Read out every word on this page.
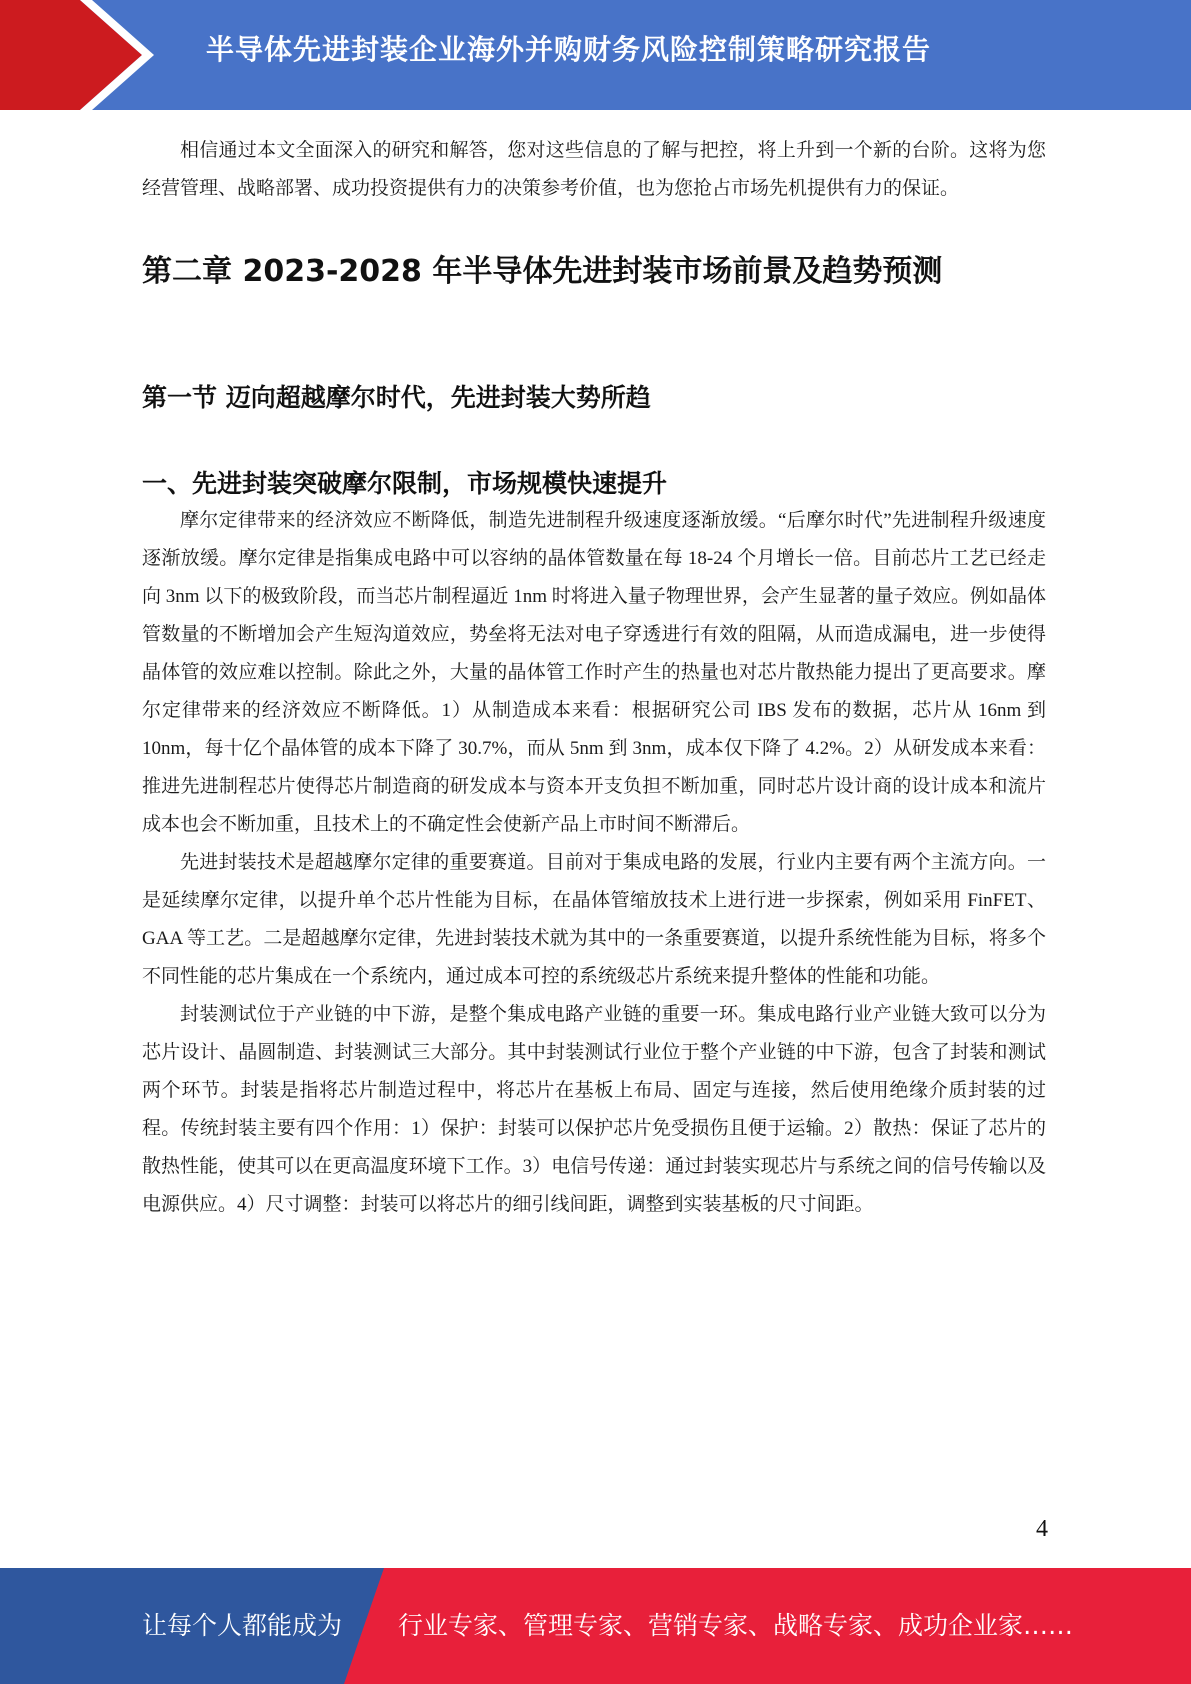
半导体先进封装企业海外并购财务风险控制策略研究报告

相信通过本文全面深入的研究和解答，您对这些信息的了解与把控，将上升到一个新的台阶。这将为您经营管理、战略部署、成功投资提供有力的决策参考价值，也为您抢占市场先机提供有力的保证。

第二章 2023-2028 年半导体先进封装市场前景及趋势预测
第一节 迈向超越摩尔时代，先进封装大势所趋
一、先进封装突破摩尔限制，市场规模快速提升

摩尔定律带来的经济效应不断降低，制造先进制程升级速度逐渐放缓。“后摩尔时代”先进制程升级速度逐渐放缓。摩尔定律是指集成电路中可以容纳的晶体管数量在每 18-24 个月增长一倍。目前芯片工艺已经走向 3nm 以下的极致阶段，而当芯片制程逼近 1nm 时将进入量子物理世界，会产生显著的量子效应。例如晶体管数量的不断增加会产生短沟道效应，势垒将无法对电子穿透进行有效的阻隔，从而造成漏电，进一步使得晶体管的效应难以控制。除此之外，大量的晶体管工作时产生的热量也对芯片散热能力提出了更高要求。摩尔定律带来的经济效应不断降低。1）从制造成本来看：根据研究公司 IBS 发布的数据，芯片从 16nm 到 10nm，每十亿个晶体管的成本下降了 30.7%，而从 5nm 到 3nm，成本仅下降了 4.2%。2）从研发成本来看：推进先进制程芯片使得芯片制造商的研发成本与资本开支负担不断加重，同时芯片设计商的设计成本和流片成本也会不断加重，且技术上的不确定性会使新产品上市时间不断滞后。

先进封装技术是超越摩尔定律的重要赛道。目前对于集成电路的发展，行业内主要有两个主流方向。一是延续摩尔定律，以提升单个芯片性能为目标，在晶体管缩放技术上进行进一步探索，例如采用 FinFET、GAA 等工艺。二是超越摩尔定律，先进封装技术就为其中的一条重要赛道，以提升系统性能为目标，将多个不同性能的芯片集成在一个系统内，通过成本可控的系统级芯片系统来提升整体的性能和功能。

封装测试位于产业链的中下游，是整个集成电路产业链的重要一环。集成电路行业产业链大致可以分为芯片设计、晶圆制造、封装测试三大部分。其中封装测试行业位于整个产业链的中下游，包含了封装和测试两个环节。封装是指将芯片制造过程中，将芯片在基板上布局、固定与连接，然后使用绝缘介质封装的过程。传统封装主要有四个作用：1）保护：封装可以保护芯片免受损伤且便于运输。2）散热：保证了芯片的散热性能，使其可以在更高温度环境下工作。3）电信号传递：通过封装实现芯片与系统之间的信号传输以及电源供应。4）尺寸调整：封装可以将芯片的细引线间距，调整到实装基板的尺寸间距。

4
让每个人都能成为 行业专家、管理专家、营销专家、战略专家、成功企业家……
